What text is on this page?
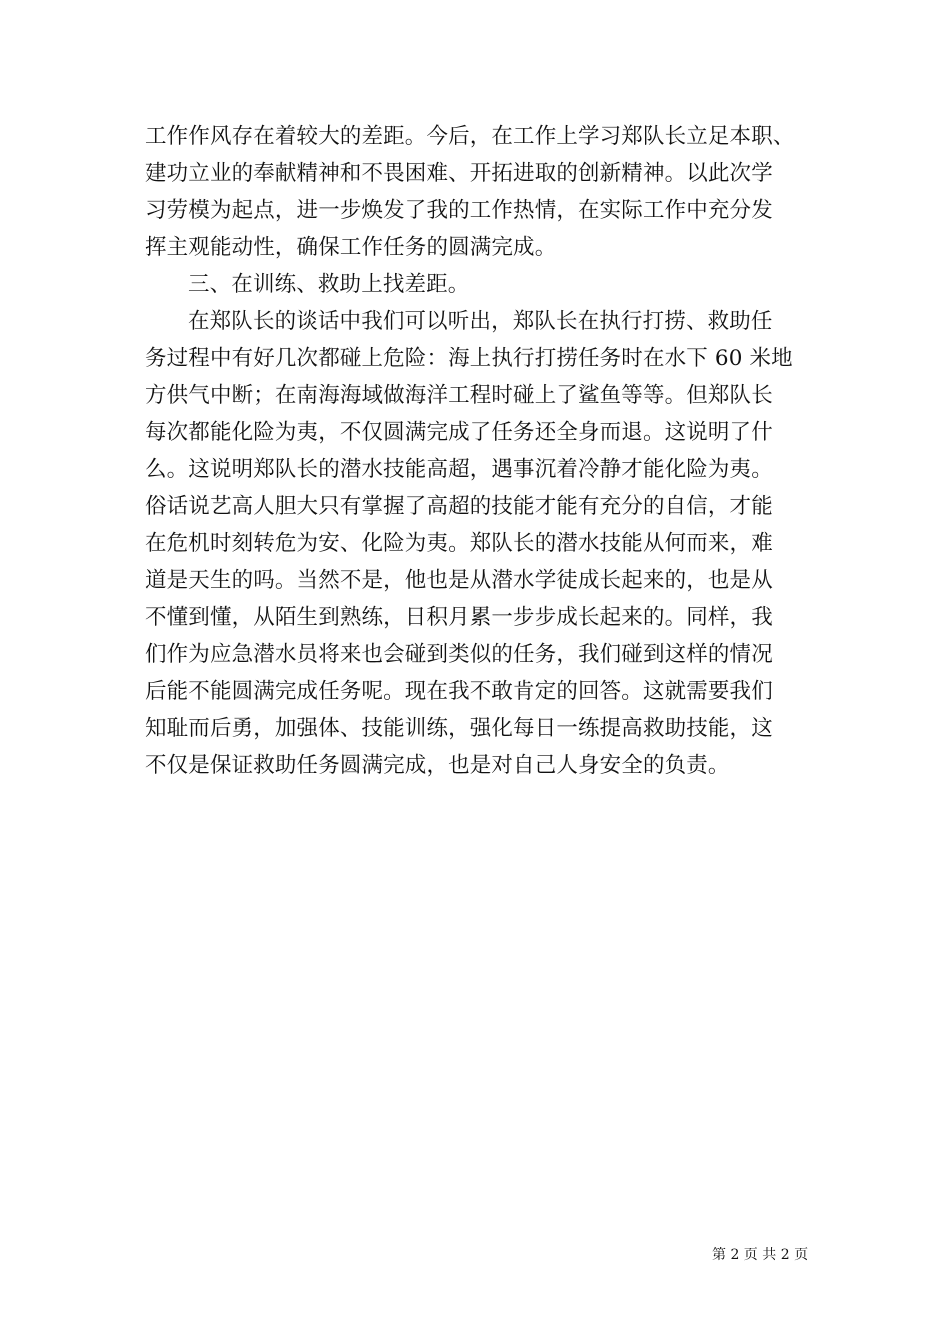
工作作风存在着较大的差距。今后，在工作上学习郑队长立足本职、
建功立业的奉献精神和不畏困难、开拓进取的创新精神。以此次学
习劳模为起点，进一步焕发了我的工作热情，在实际工作中充分发
挥主观能动性，确保工作任务的圆满完成。
三、在训练、救助上找差距。
在郑队长的谈话中我们可以听出，郑队长在执行打捞、救助任
务过程中有好几次都碰上危险：海上执行打捞任务时在水下 60 米地
方供气中断；在南海海域做海洋工程时碰上了鲨鱼等等。但郑队长
每次都能化险为夷，不仅圆满完成了任务还全身而退。这说明了什
么。这说明郑队长的潜水技能高超，遇事沉着冷静才能化险为夷。
俗话说艺高人胆大只有掌握了高超的技能才能有充分的自信，才能
在危机时刻转危为安、化险为夷。郑队长的潜水技能从何而来，难
道是天生的吗。当然不是，他也是从潜水学徒成长起来的，也是从
不懂到懂，从陌生到熟练，日积月累一步步成长起来的。同样，我
们作为应急潜水员将来也会碰到类似的任务，我们碰到这样的情况
后能不能圆满完成任务呢。现在我不敢肯定的回答。这就需要我们
知耻而后勇，加强体、技能训练，强化每日一练提高救助技能，这
不仅是保证救助任务圆满完成，也是对自己人身安全的负责。
第 2 页 共 2 页
